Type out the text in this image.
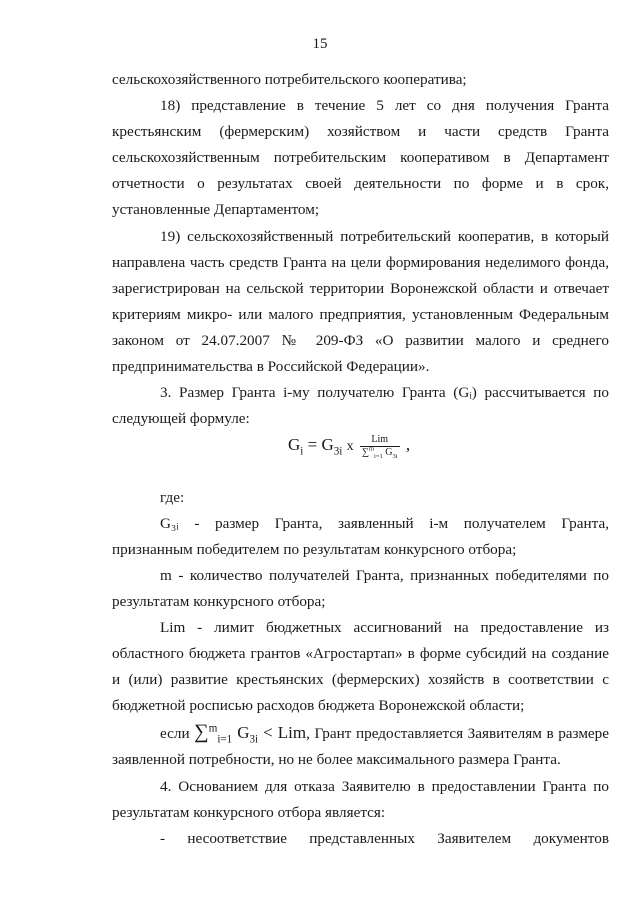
15
сельскохозяйственного потребительского кооператива;
18) представление в течение 5 лет со дня получения Гранта
крестьянским (фермерским) хозяйством и части средств Гранта
сельскохозяйственным потребительским кооперативом в Департамент
отчетности о результатах своей деятельности по форме и в срок,
установленные Департаментом;
19) сельскохозяйственный потребительский кооператив, в который
направлена часть средств Гранта на цели формирования неделимого фонда,
зарегистрирован на сельской территории Воронежской области и отвечает
критериям микро- или малого предприятия, установленным Федеральным
законом от 24.07.2007 № 209-ФЗ «О развитии малого и среднего
предпринимательства в Российской Федерации».
3. Размер Гранта i-му получателю Гранта (Gᵢ) рассчитывается по
следующей формуле:
$G_i = G_{3i}$ x $\frac{\text{Lim}}{\sum^m_{i=1} G_{3i}}$ ,
где:
G₃ᵢ - размер Гранта, заявленный i-м получателем Гранта,
признанным победителем по результатам конкурсного отбора;
m - количество получателей Гранта, признанных победителями по
результатам конкурсного отбора;
Lim - лимит бюджетных ассигнований на предоставление из
областного бюджета грантов «Агростартап» в форме субсидий на создание
и (или) развитие крестьянских (фермерских) хозяйств в соответствии с
бюджетной росписью расходов бюджета Воронежской области;
если ∑$^m_{i=1}$ $G_{3i}$ < Lim, Грант предоставляется Заявителям в размере
заявленной потребности, но не более максимального размера Гранта.
4. Основанием для отказа Заявителю в предоставлении Гранта по
результатам конкурсного отбора является:
- несоответствие представленных Заявителем документов
